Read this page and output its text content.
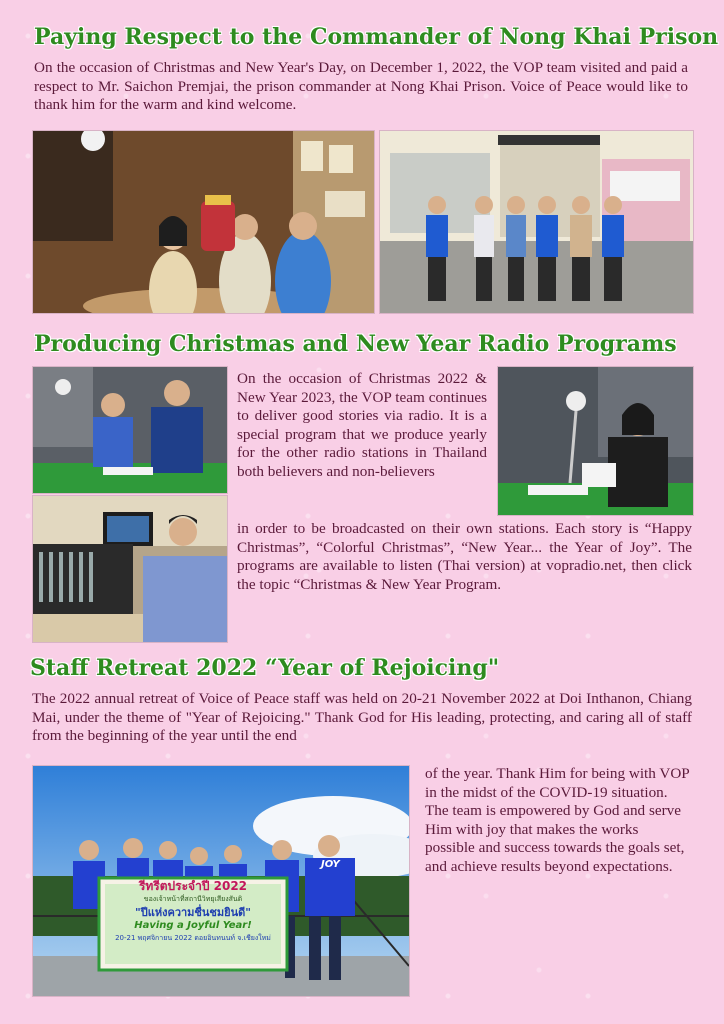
Paying Respect to the Commander of Nong Khai Prison

On the occasion of Christmas and New Year's Day, on December 1, 2022, the VOP team visited and paid a respect to Mr. Saichon Premjai, the prison commander at Nong Khai Prison. Voice of Peace would like to thank him for the warm and kind welcome.

Producing Christmas and New Year Radio Programs

On the occasion of Christmas 2022 & New Year 2023, the VOP team continues to deliver good stories via radio. It is a special program that we produce yearly for the other radio stations in Thailand both believers and non-believers

in order to be broadcasted on their own stations. Each story is “Happy Christmas”, “Colorful Christmas”, “New Year... the Year of Joy”. The programs are available to listen (Thai version) at vopradio.net, then click the topic “Christmas & New Year Program.

Staff Retreat 2022 “Year of Rejoicing"

The 2022 annual retreat of Voice of Peace staff was held on 20-21 November 2022 at Doi Inthanon, Chiang Mai, under the theme of "Year of Rejoicing." Thank God for His leading, protecting, and caring all of staff from the beginning of the year until the end

รีทรีตประจำปี 2022
ของเจ้าหน้าที่สถานีวิทยุเสียงสันติ
"ปีแห่งความชื่นชมยินดี"
Having a Joyful Year!
20-21 พฤศจิกายน 2022 ดอยอินทนนท์ จ.เชียงใหม่
JOY

of the year. Thank Him for being with VOP in the midst of the COVID-19 situation. The team is empowered by God and serve Him with joy that makes the works possible and success towards the goals set, and achieve results beyond expectations.
